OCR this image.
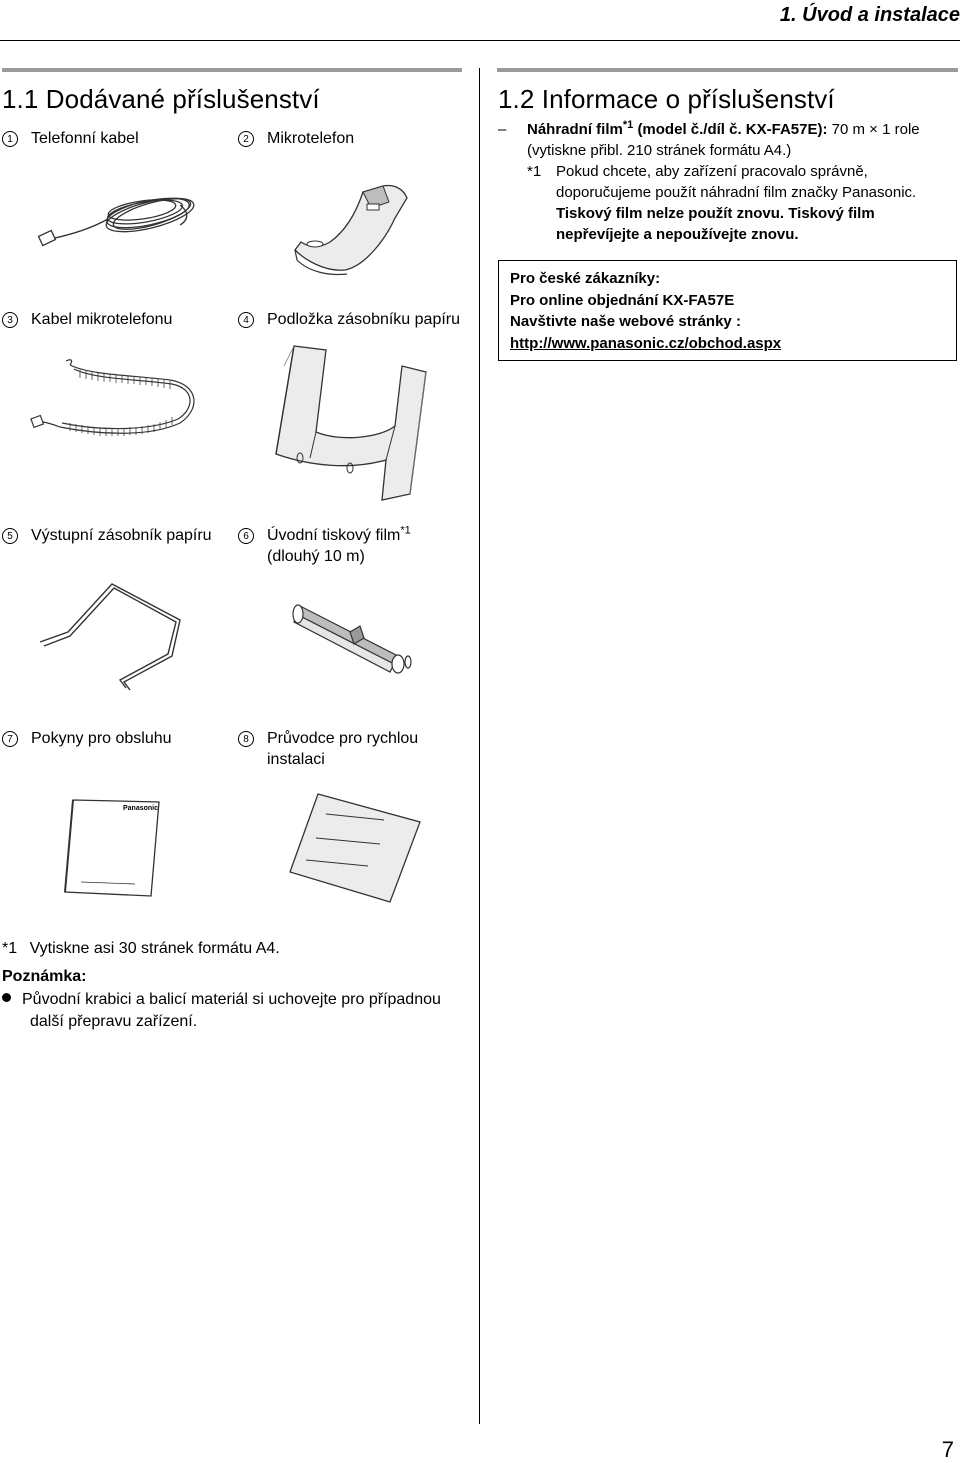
1. Úvod a instalace
1.1 Dodávané příslušenství	1.2 Informace o příslušenství
1	Telefonní kabel	2	Mikrotelefon
3	Kabel mikrotelefonu	4	Podložka zásobníku papíru
5	Výstupní zásobník papíru	6	Úvodní tiskový film$^{*1}$
(dlouhý 10 m)
7	Pokyny pro obsluhu	8	Průvodce pro rychlou
instalaci
Panasonic
– Náhradní film$^{*1}$ (model č./díl č. KX-FA57E): 70 m × 1 role
(vytiskne přibl. 210 stránek formátu A4.)
*1 Pokud chcete, aby zařízení pracovalo správně,
doporučujeme použít náhradní film značky Panasonic.
Tiskový film nelze použít znovu. Tiskový film
nepřevíjejte a nepoužívejte znovu.
Pro české zákazníky:
Pro online objednání KX-FA57E
Navštivte naše webové stránky :
http://www.panasonic.cz/obchod.aspx
*1 Vytiskne asi 30 stránek formátu A4.
Poznámka:
Původní krabici a balicí materiál si uchovejte pro případnou
další přepravu zařízení.
7
